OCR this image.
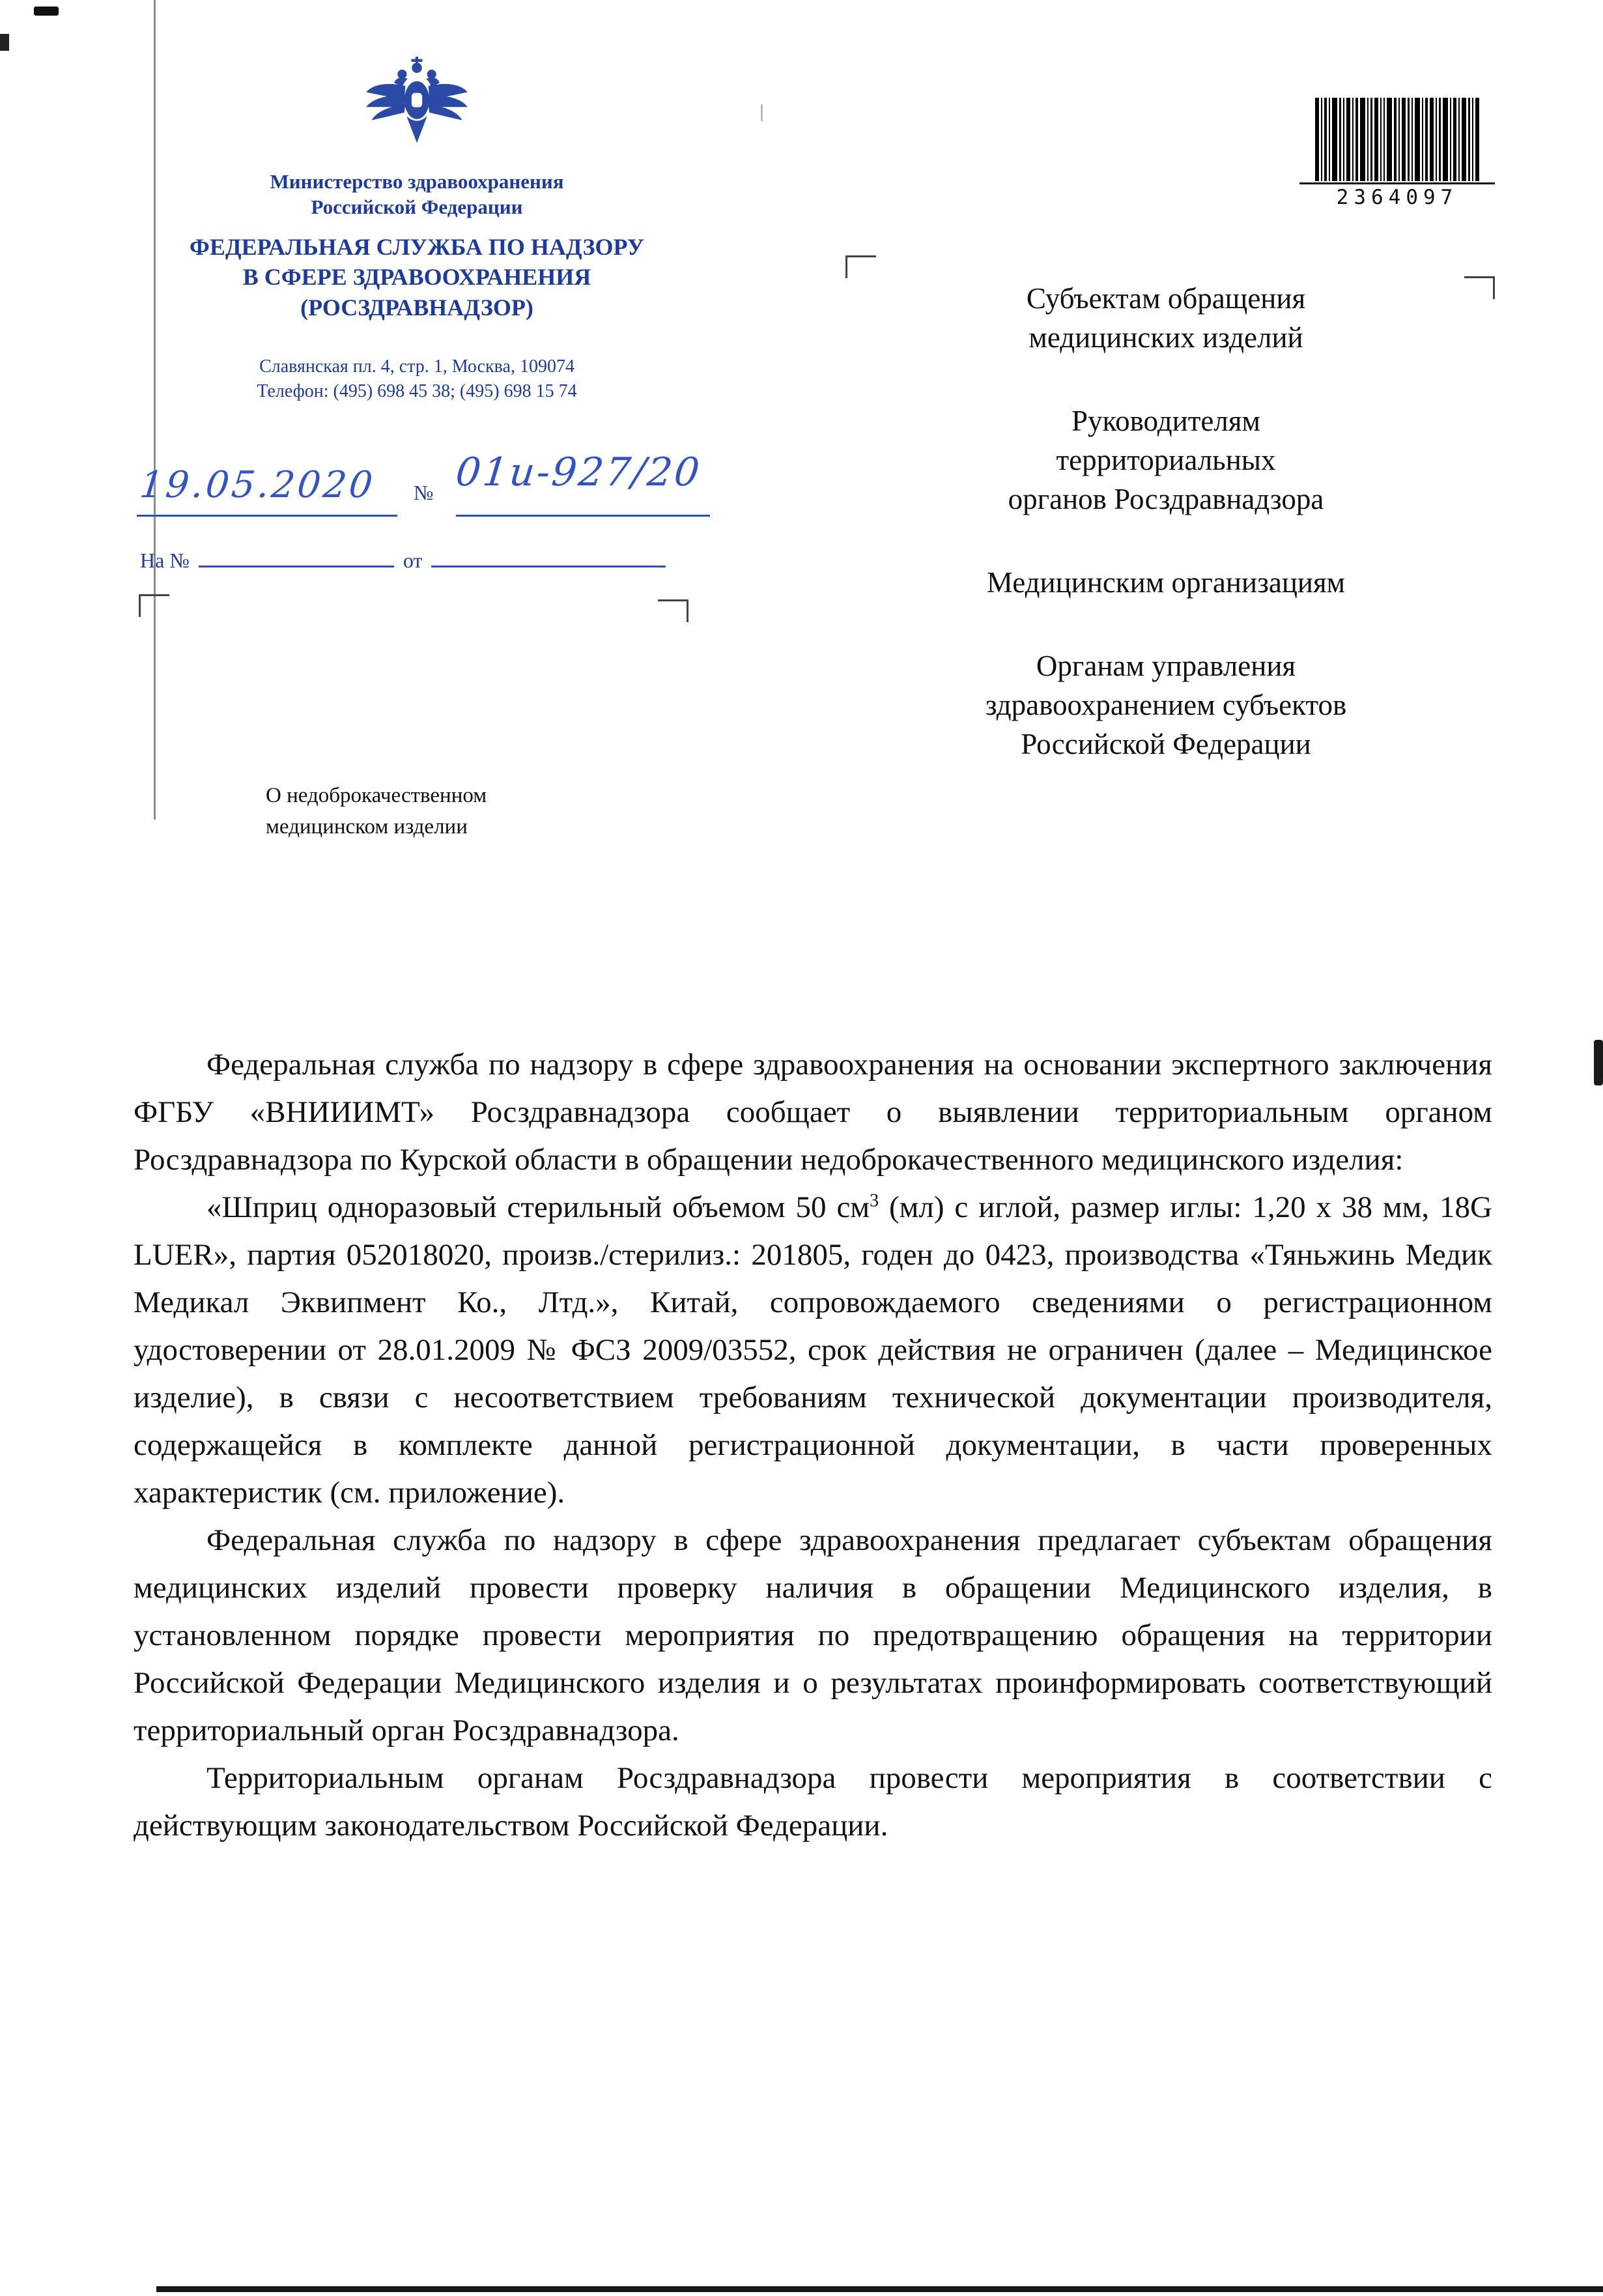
Министерство здравоохранения
Российской Федерации
ФЕДЕРАЛЬНАЯ СЛУЖБА ПО НАДЗОРУ
В СФЕРЕ ЗДРАВООХРАНЕНИЯ
(РОСЗДРАВНАДЗОР)
Славянская пл. 4, стр. 1, Москва, 109074
Телефон: (495) 698 45 38; (495) 698 15 74
19.05.2020 № 01и-927/20
На №	от
2364097
Субъектам обращения
медицинских изделий
Руководителям
территориальных
органов Росздравнадзора
Медицинским организациям
Органам управления
здравоохранением субъектов
Российской Федерации
О недоброкачественном
медицинском изделии

Федеральная служба по надзору в сфере здравоохранения на основании экспертного заключения ФГБУ «ВНИИИМТ» Росздравнадзора сообщает о выявлении территориальным органом Росздравнадзора по Курской области в обращении недоброкачественного медицинского изделия:

«Шприц одноразовый стерильный объемом 50 $см^3$ (мл) с иглой, размер иглы: 1,20 х 38 мм, 18G LUER», партия 052018020, произв./стерилиз.: 201805, годен до 0423, производства «Тяньжинь Медик Медикал Эквипмент Ко., Лтд.», Китай, сопровождаемого сведениями о регистрационном удостоверении от 28.01.2009 № ФСЗ 2009/03552, срок действия не ограничен (далее – Медицинское изделие), в связи с несоответствием требованиям технической документации производителя, содержащейся в комплекте данной регистрационной документации, в части проверенных характеристик (см. приложение).

Федеральная служба по надзору в сфере здравоохранения предлагает субъектам обращения медицинских изделий провести проверку наличия в обращении Медицинского изделия, в установленном порядке провести мероприятия по предотвращению обращения на территории Российской Федерации Медицинского изделия и о результатах проинформировать соответствующий территориальный орган Росздравнадзора.

Территориальным органам Росздравнадзора провести мероприятия в соответствии с действующим законодательством Российской Федерации.
